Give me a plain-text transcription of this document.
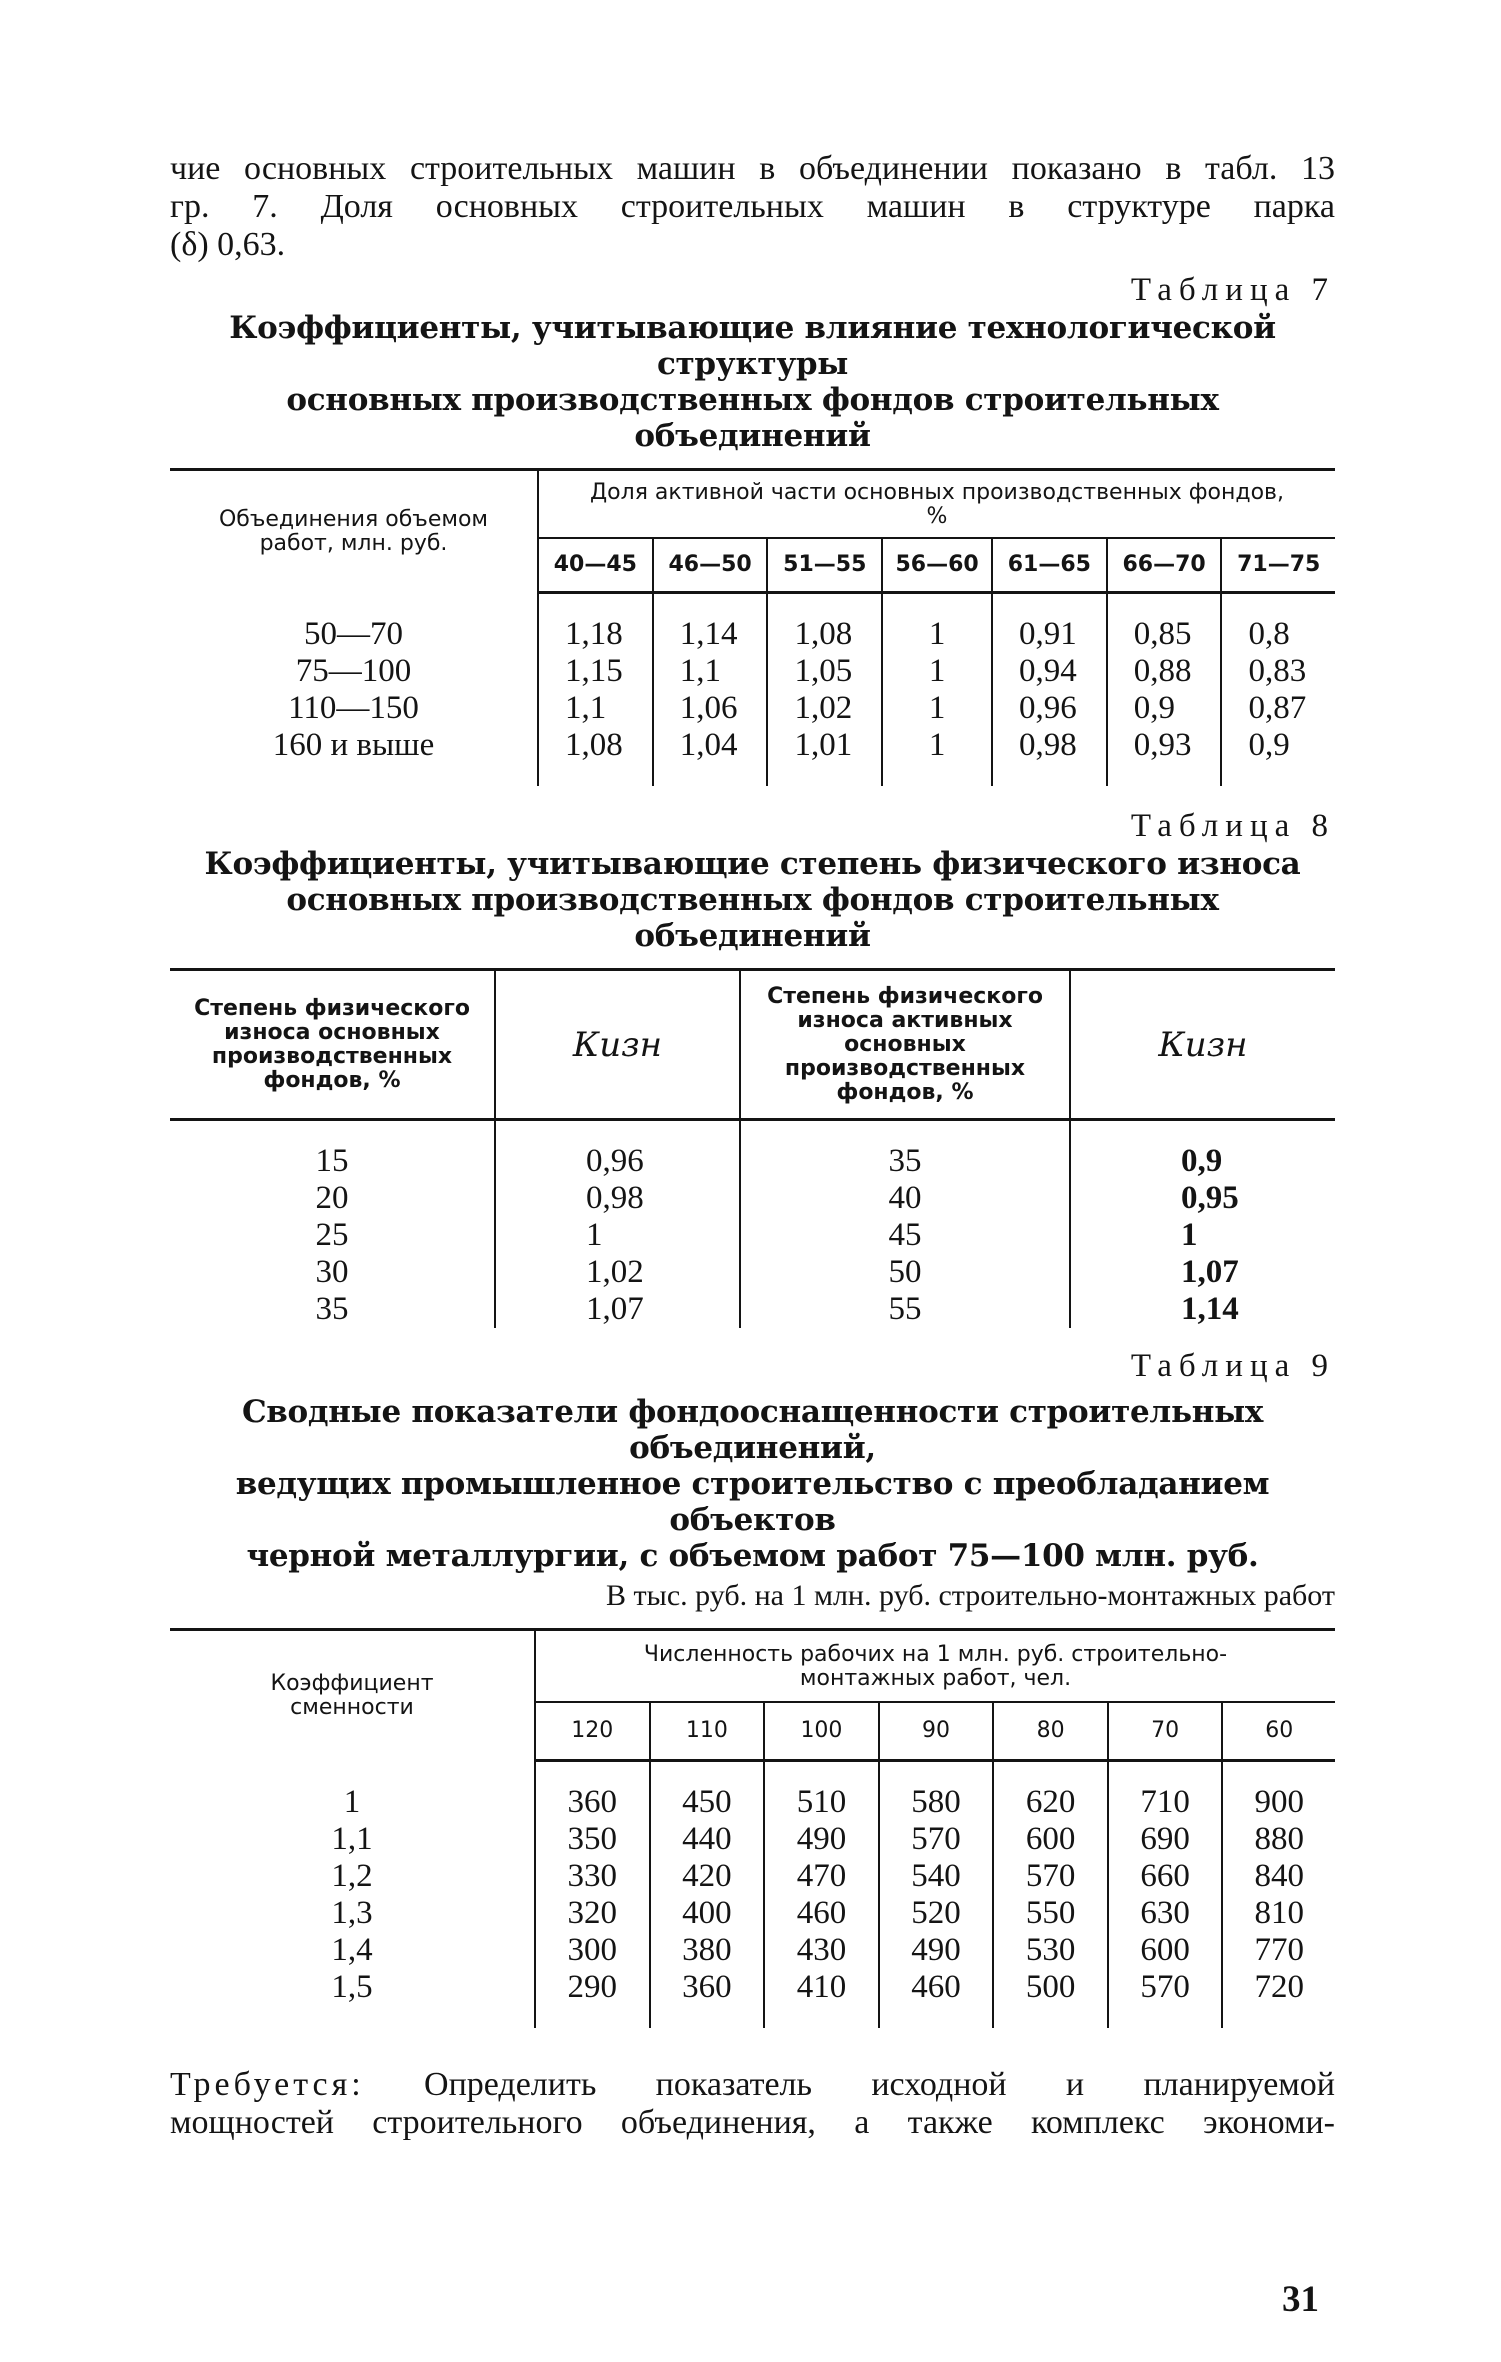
чие основных строительных машин в объединении показано в табл. 13
гр. 7. Доля основных строительных машин в структуре парка
(δ) 0,63.

Таблица 7

Коэффициенты, учитывающие влияние технологической структуры

основных производственных фондов строительных объединений

Объединения объемом работ, млн. руб.	Доля активной части основных производственных фондов, %						
	40—45	46—50	51—55	56—60	61—65	66—70	71—75

50—70	1,18	1,14	1,08	1	0,91	0,85	0,8
75—100	1,15	1,1	1,05	1	0,94	0,88	0,83
110—150	1,1	1,06	1,02	1	0,96	0,9	0,87
160 и выше	1,08	1,04	1,01	1	0,98	0,93	0,9

Таблица 8

Коэффициенты, учитывающие степень физического износа

основных производственных фондов строительных объединений

Степень физического износа основных производственных фондов, %	Кизн	Степень физического износа активных основных производственных фондов, %	Кизн

15	0,96	35	0,9
20	0,98	40	0,95
25	1	45	1
30	1,02	50	1,07
35	1,07	55	1,14

Таблица 9

Сводные показатели фондооснащенности строительных объединений,

ведущих промышленное строительство с преобладанием объектов

черной металлургии, с объемом работ 75—100 млн. руб.

В тыс. руб. на 1 млн. руб. строительно-монтажных работ

Коэффициент сменности	Численность рабочих на 1 млн. руб. строительно-монтажных работ, чел.						
	120	110	100	90	80	70	60

1	360	450	510	580	620	710	900
1,1	350	440	490	570	600	690	880
1,2	330	420	470	540	570	660	840
1,3	320	400	460	520	550	630	810
1,4	300	380	430	490	530	600	770
1,5	290	360	410	460	500	570	720

Требуется: Определить показатель исходной и планируемой
мощностей строительного объединения, а также комплекс экономи-

31
